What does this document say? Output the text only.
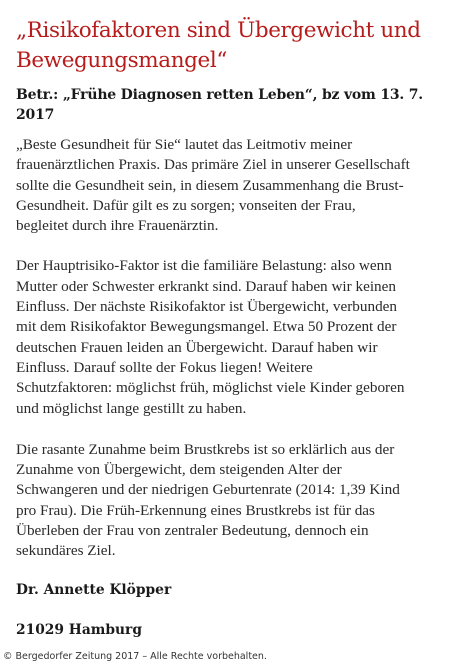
„Risikofaktoren sind Übergewicht und
Bewegungsmangel“
Betr.: „Frühe Diagnosen retten Leben“, bz vom 13. 7.
2017

„Beste Gesundheit für Sie“ lautet das Leitmotiv meiner
frauenärztlichen Praxis. Das primäre Ziel in unserer Gesellschaft
sollte die Gesundheit sein, in diesem Zusammenhang die Brust-
Gesundheit. Dafür gilt es zu sorgen; vonseiten der Frau,
begleitet durch ihre Frauenärztin.

Der Hauptrisiko-Faktor ist die familiäre Belastung: also wenn
Mutter oder Schwester erkrankt sind. Darauf haben wir keinen
Einfluss. Der nächste Risikofaktor ist Übergewicht, verbunden
mit dem Risikofaktor Bewegungsmangel. Etwa 50 Prozent der
deutschen Frauen leiden an Übergewicht. Darauf haben wir
Einfluss. Darauf sollte der Fokus liegen! Weitere
Schutzfaktoren: möglichst früh, möglichst viele Kinder geboren
und möglichst lange gestillt zu haben.

Die rasante Zunahme beim Brustkrebs ist so erklärlich aus der
Zunahme von Übergewicht, dem steigenden Alter der
Schwangeren und der niedrigen Geburtenrate (2014: 1,39 Kind
pro Frau). Die Früh-Erkennung eines Brustkrebs ist für das
Überleben der Frau von zentraler Bedeutung, dennoch ein
sekundäres Ziel.

Dr. Annette Klöpper

21029 Hamburg

© Bergedorfer Zeitung 2017 – Alle Rechte vorbehalten.
